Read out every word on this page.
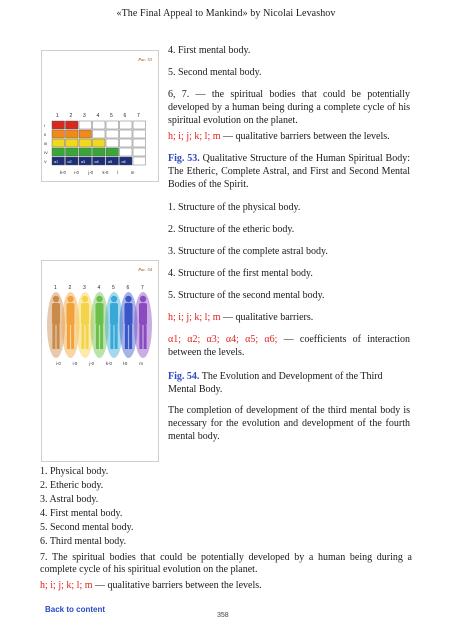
«The Final Appeal to Mankind» by Nicolai Levashov
Рис. 53
1 2 3 4 5 6 7
I
II
III
IV
V
k-0 i-0 j-0 k-0 l	m
α1	α2	α3	α4	α5	α6
Рис. 54
1 2 3 4 5 6 7
i-0	i-0	j-0	k-0	l-0	m
4. First mental body.
5. Second mental body.
6, 7. — the spiritual bodies that could be potentially developed by a human being during a complete cycle of his spiritual evolution on the planet.
h; i; j; k; l; m — qualitative barriers between the levels.
Fig. 53. Qualitative Structure of the Human Spiritual Body: The Etheric, Complete Astral, and First and Second Mental Bodies of the Spirit.
1. Structure of the physical body.
2. Structure of the etheric body.
3. Structure of the complete astral body.
4. Structure of the first mental body.
5. Structure of the second mental body.
h; i; j; k; l; m — qualitative barriers.
α1; α2; α3; α4; α5; α6; — coefficients of interaction between the levels.
Fig. 54. The Evolution and Development of the Third Mental Body.
The completion of development of the third mental body is necessary for the evolution and development of the fourth mental body.
1. Physical body.
2. Etheric body.
3. Astral body.
4. First mental body.
5. Second mental body.
6. Third mental body.
Back to content
358
7. The spiritual bodies that could be potentially developed by a human being during a complete cycle of his spiritual evolution on the planet.
h; i; j; k; l; m — qualitative barriers between the levels.
